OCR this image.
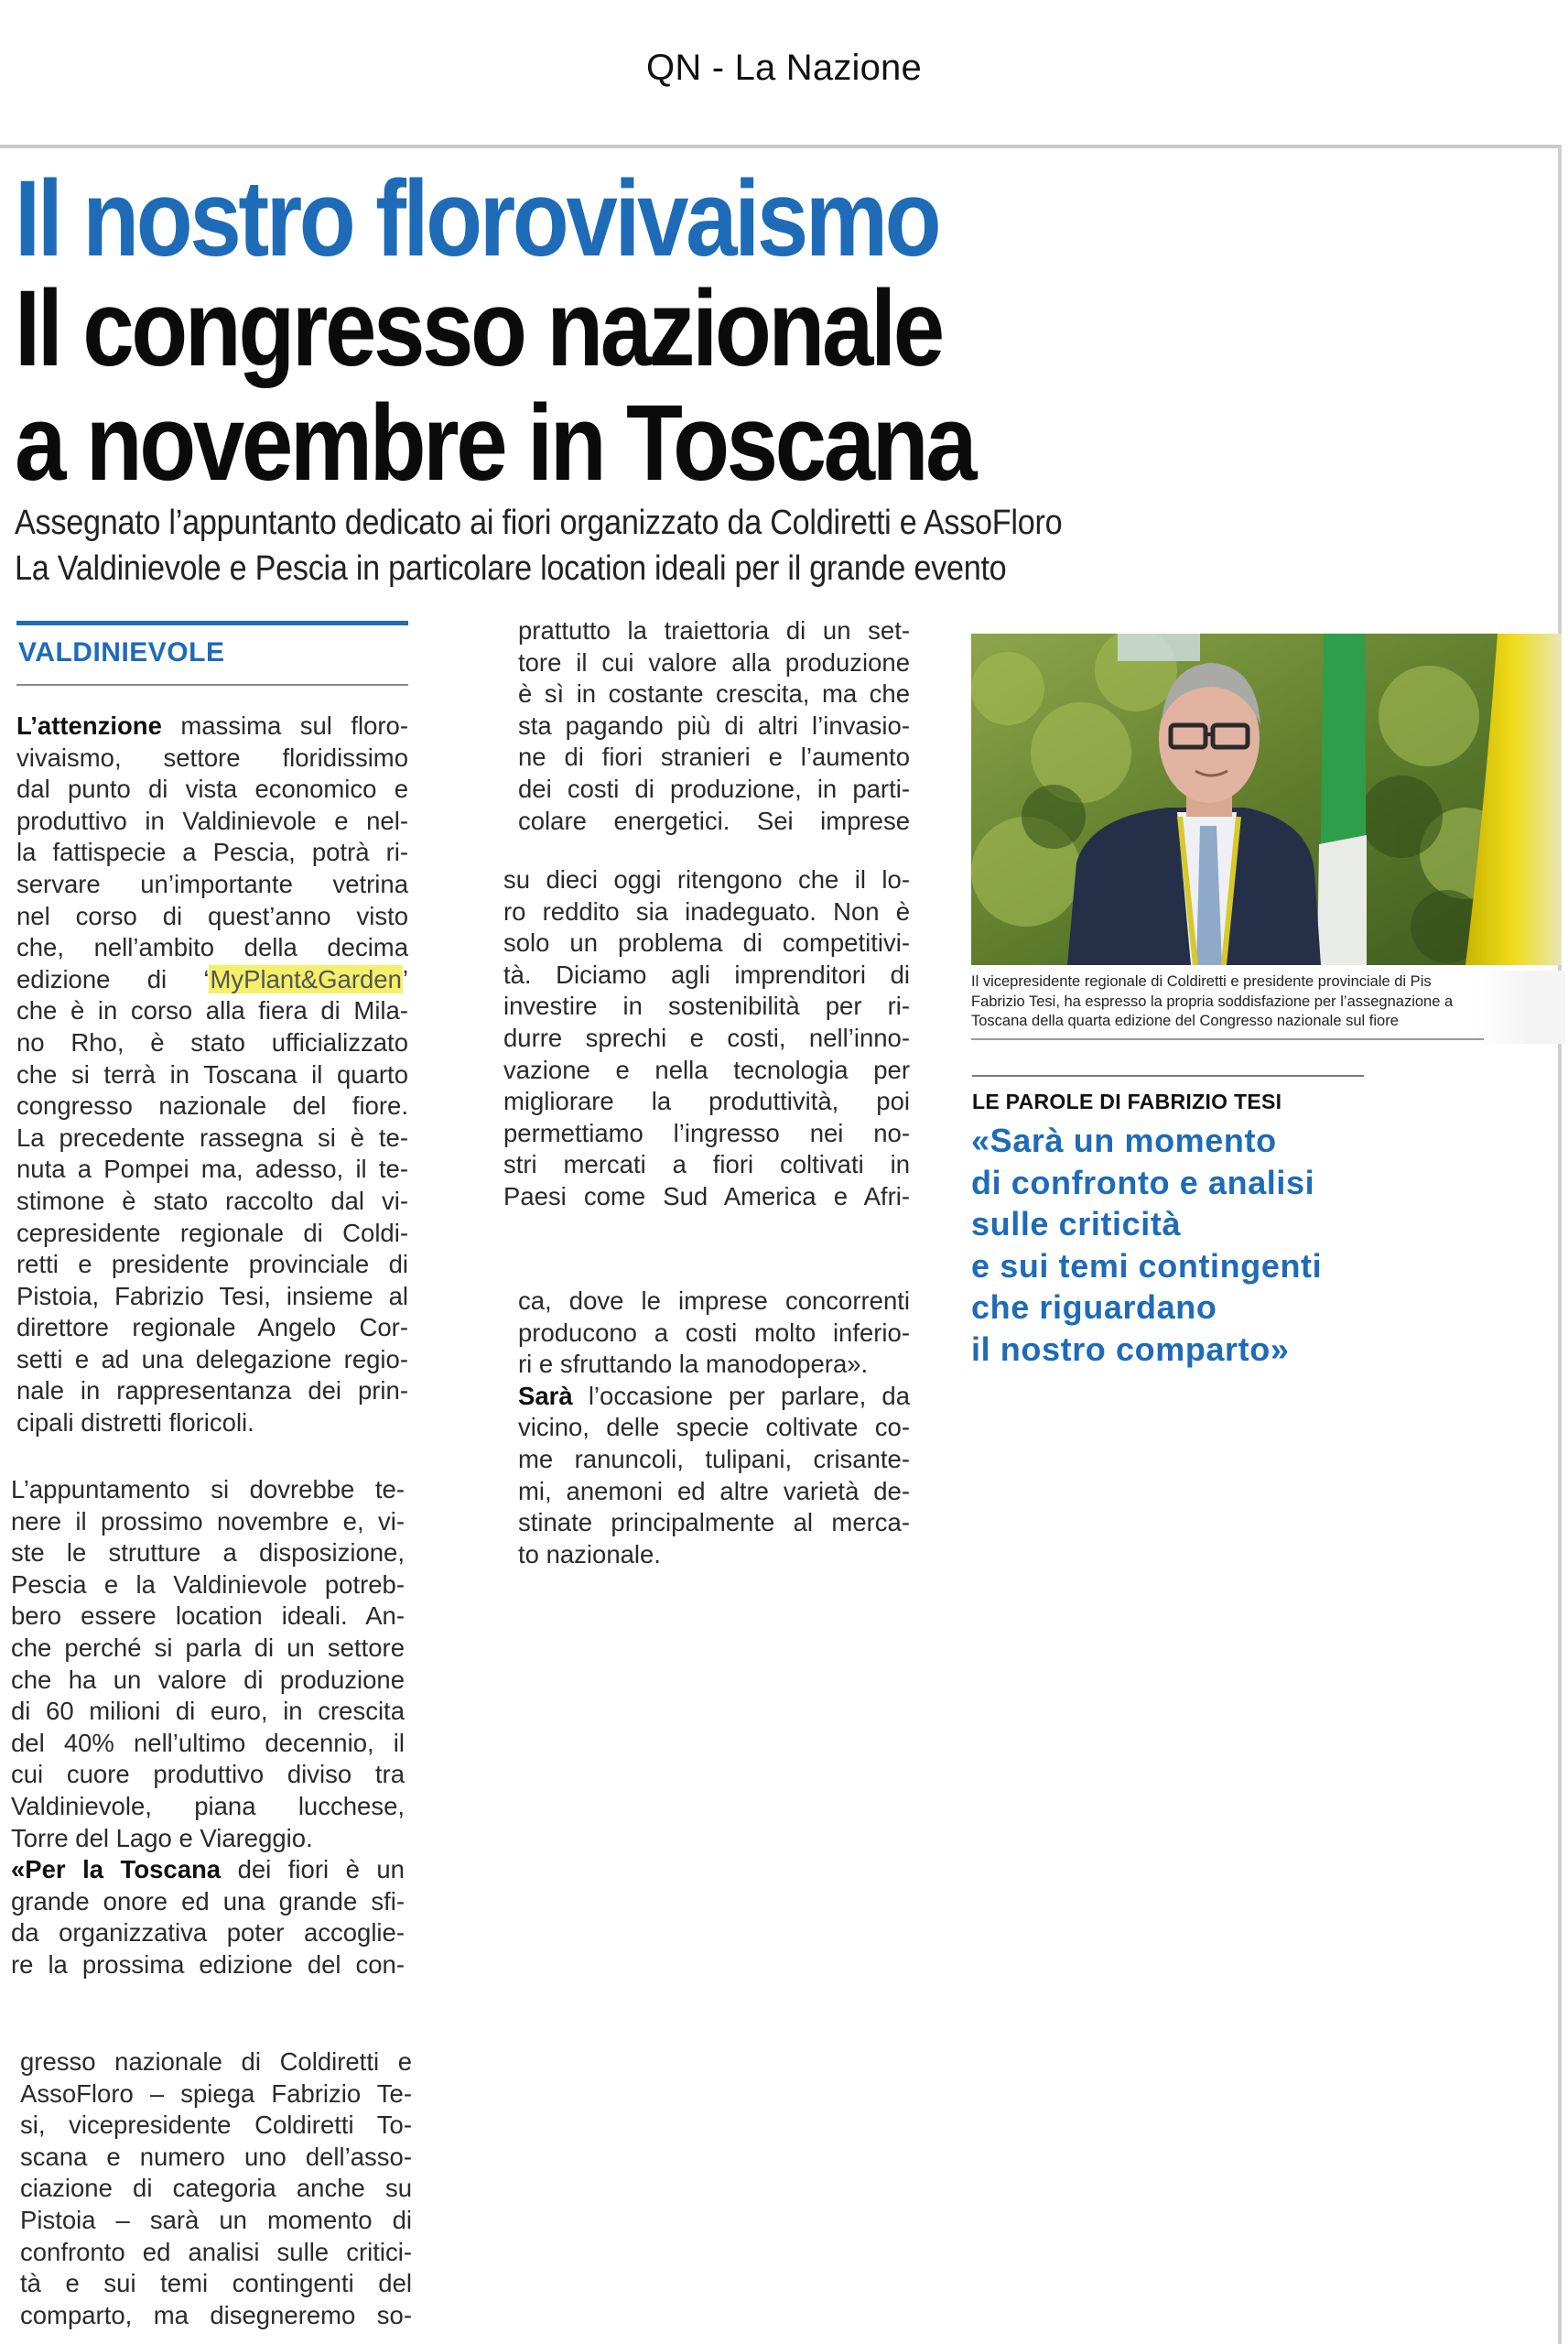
QN - La Nazione
Il nostro florovivaismo
Il congresso nazionale
a novembre in Toscana
Assegnato l’appuntanto dedicato ai fiori organizzato da Coldiretti e AssoFloro
La Valdinievole e Pescia in particolare location ideali per il grande evento
VALDINIEVOLE
L’attenzione massima sul floro-
vivaismo, settore floridissimo
dal punto di vista economico e
produttivo in Valdinievole e nel-
la fattispecie a Pescia, potrà ri-
servare un’importante vetrina
nel corso di quest’anno visto
che, nell’ambito della decima
edizione di ‘MyPlant&Garden’
che è in corso alla fiera di Mila-
no Rho, è stato ufficializzato
che si terrà in Toscana il quarto
congresso nazionale del fiore.
La precedente rassegna si è te-
nuta a Pompei ma, adesso, il te-
stimone è stato raccolto dal vi-
cepresidente regionale di Coldi-
retti e presidente provinciale di
Pistoia, Fabrizio Tesi, insieme al
direttore regionale Angelo Cor-
setti e ad una delegazione regio-
nale in rappresentanza dei prin-
cipali distretti floricoli.
L’appuntamento si dovrebbe te-
nere il prossimo novembre e, vi-
ste le strutture a disposizione,
Pescia e la Valdinievole potreb-
bero essere location ideali. An-
che perché si parla di un settore
che ha un valore di produzione
di 60 milioni di euro, in crescita
del 40% nell’ultimo decennio, il
cui cuore produttivo diviso tra
Valdinievole, piana lucchese,
Torre del Lago e Viareggio.
«Per la Toscana dei fiori è un
grande onore ed una grande sfi-
da organizzativa poter accoglie-
re la prossima edizione del con-
gresso nazionale di Coldiretti e
AssoFloro – spiega Fabrizio Te-
si, vicepresidente Coldiretti To-
scana e numero uno dell’asso-
ciazione di categoria anche su
Pistoia – sarà un momento di
confronto ed analisi sulle critici-
tà e sui temi contingenti del
comparto, ma disegneremo so-
prattutto la traiettoria di un set-
tore il cui valore alla produzione
è sì in costante crescita, ma che
sta pagando più di altri l’invasio-
ne di fiori stranieri e l’aumento
dei costi di produzione, in parti-
colare energetici. Sei imprese
su dieci oggi ritengono che il lo-
ro reddito sia inadeguato. Non è
solo un problema di competitivi-
tà. Diciamo agli imprenditori di
investire in sostenibilità per ri-
durre sprechi e costi, nell’inno-
vazione e nella tecnologia per
migliorare la produttività, poi
permettiamo l’ingresso nei no-
stri mercati a fiori coltivati in
Paesi come Sud America e Afri-
ca, dove le imprese concorrenti
producono a costi molto inferio-
ri e sfruttando la manodopera».
Sarà l’occasione per parlare, da
vicino, delle specie coltivate co-
me ranuncoli, tulipani, crisante-
mi, anemoni ed altre varietà de-
stinate principalmente al merca-
to nazionale.
Il vicepresidente regionale di Coldiretti e presidente provinciale di Pis
Fabrizio Tesi, ha espresso la propria soddisfazione per l’assegnazione a
Toscana della quarta edizione del Congresso nazionale sul fiore
LE PAROLE DI FABRIZIO TESI
«Sarà un momento
di confronto e analisi
sulle criticità
e sui temi contingenti
che riguardano
il nostro comparto»
